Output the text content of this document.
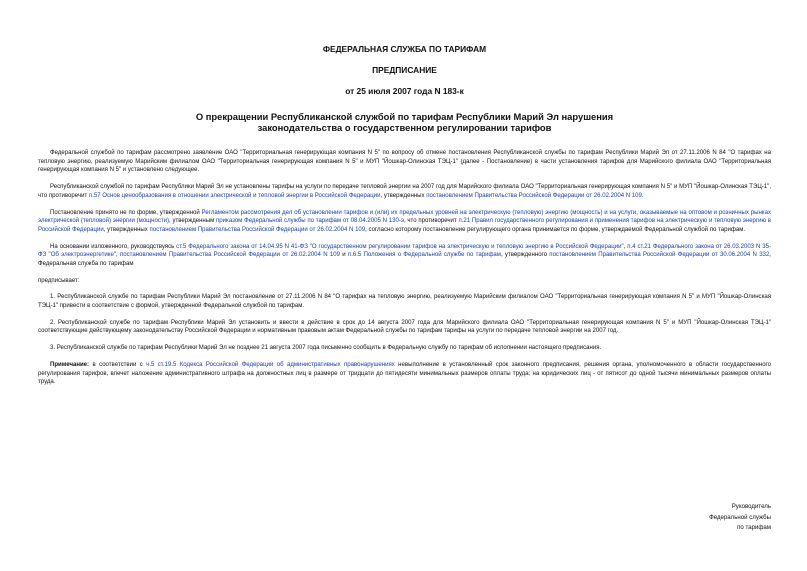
ФЕДЕРАЛЬНАЯ СЛУЖБА ПО ТАРИФАМ
ПРЕДПИСАНИЕ
от 25 июля 2007 года N 183-к
О прекращении Республиканской службой по тарифам Республики Марий Эл нарушения
законодательства о государственном регулировании тарифов

Федеральной службой по тарифам рассмотрено заявление ОАО "Территориальная генерирующая компания N 5" по вопросу об отмене постановления Республиканской службы по тарифам Республики Марий Эл от 27.11.2006 N 84 "О тарифах на тепловую энергию, реализуемую Марийским филиалом ОАО "Территориальная генерирующая компания N 5" и МУП "Йошкар-Олинская ТЭЦ-1" (далее - Постановление) в части установления тарифов для Марийского филиала ОАО "Территориальная генерирующая компания N 5" и установлено следующее.

Республиканской службой по тарифам Республики Марий Эл не установлены тарифы на услуги по передаче тепловой энергии на 2007 год для Марийского филиала ОАО "Территориальная генерирующая компания N 5" и МУП "Йошкар-Олинская ТЭЦ-1", что противоречит п.57 Основ ценообразования в отношении электрической и тепловой энергии в Российской Федерации, утвержденных постановлением Правительства Российской Федерации от 26.02.2004 N 109.

Постановление принято не по форме, утвержденной Регламентом рассмотрения дел об установлении тарифов и (или) их предельных уровней на электрическую (тепловую) энергию (мощность) и на услуги, оказываемые на оптовом и розничных рынках электрической (тепловой) энергии (мощности), утвержденным приказом Федеральной службы по тарифам от 08.04.2005 N 130-э, что противоречит п.21 Правил государственного регулирования и применения тарифов на электрическую и тепловую энергию в Российской Федерации, утвержденных постановлением Правительства Российской Федерации от 26.02.2004 N 109, согласно которому постановление регулирующего органа принимается по форме, утверждаемой Федеральной службой по тарифам.

На основании изложенного, руководствуясь ст.5 Федерального закона от 14.04.95 N 41-ФЗ "О государственном регулировании тарифов на электрическую и тепловую энергию в Российской Федерации", п.4 ст.21 Федерального закона от 26.03.2003 N 35-ФЗ "Об электроэнергетике", постановлением Правительства Российской Федерации от 26.02.2004 N 109 и п.6.5 Положения о Федеральной службе по тарифам, утвержденного постановлением Правительства Российской Федерации от 30.06.2004 N 332, Федеральная служба по тарифам

предписывает:

1. Республиканской службе по тарифам Республики Марий Эл постановление от 27.11.2006 N 84 "О тарифах на тепловую энергию, реализуемую Марийским филиалом ОАО "Территориальная генерирующая компания N 5" и МУП "Йошкар-Олинская ТЭЦ-1" привести в соответствие с формой, утвержденной Федеральной службой по тарифам.

2. Республиканской службе по тарифам Республики Марий Эл установить и ввести в действие в срок до 14 августа 2007 года для Марийского филиала ОАО "Территориальная генерирующая компания N 5" и МУП "Йошкар-Олинская ТЭЦ-1" соответствующие действующему законодательству Российской Федерации и нормативным правовым актам Федеральной службы по тарифам тарифы на услуги по передаче тепловой энергии на 2007 год.

3. Республиканской службе по тарифам Республики Марий Эл не позднее 21 августа 2007 года письменно сообщить в Федеральную службу по тарифам об исполнении настоящего предписания.

Примечание: в соответствии с ч.5 ст.19.5 Кодекса Российской Федерации об административных правонарушениях невыполнение в установленный срок законного предписания, решения органа, уполномоченного в области государственного регулирования тарифов, влечет наложение административного штрафа на должностных лиц в размере от тридцати до пятидесяти минимальных размеров оплаты труда; на юридических лиц - от пятисот до одной тысячи минимальных размеров оплаты труда.

Руководитель
Федеральной службы
по тарифам
